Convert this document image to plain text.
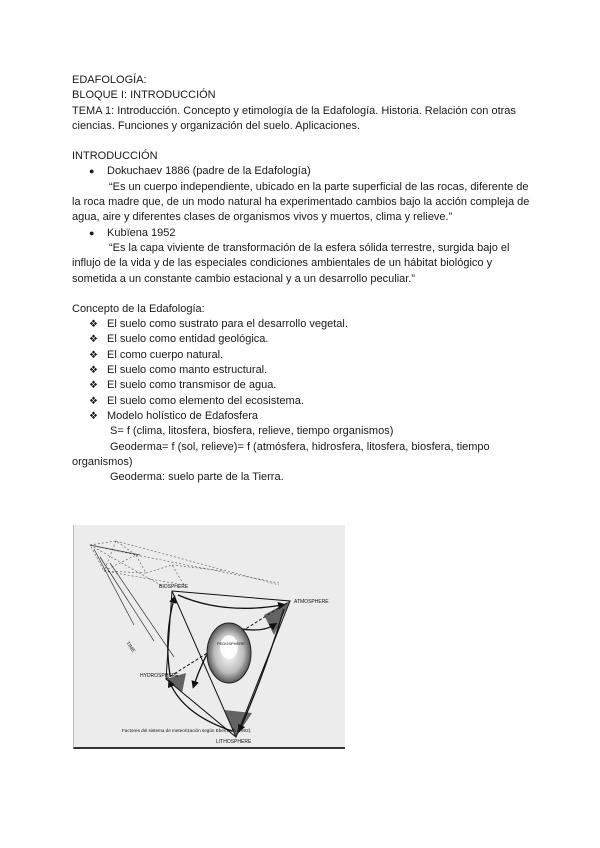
EDAFOLOGÍA:
BLOQUE I: INTRODUCCIÓN
TEMA 1: Introducción. Concepto y etimología de la Edafología. Historia. Relación con otras ciencias. Funciones y organización del suelo. Aplicaciones.
INTRODUCCIÓN
● Dokuchaev 1886 (padre de la Edafología)
“Es un cuerpo independiente, ubicado en la parte superficial de las rocas, diferente de la roca madre que, de un modo natural ha experimentado cambios bajo la acción compleja de agua, aire y diferentes clases de organismos vivos y muertos, clima y relieve.”
● Kubïena 1952
“Es la capa viviente de transformación de la esfera sólida terrestre, surgida bajo el influjo de la vida y de las especiales condiciones ambientales de un hábitat biológico y sometida a un constante cambio estacional y a un desarrollo peculiar.”
Concepto de la Edafología:
❖ El suelo como sustrato para el desarrollo vegetal.
❖ El suelo como entidad geológica.
❖ El como cuerpo natural.
❖ El suelo como manto estructural.
❖ El suelo como transmisor de agua.
❖ El suelo como elemento del ecosistema.
❖ Modelo holístico de Edafosfera
S= f (clima, litosfera, biosfera, relieve, tiempo organismos)
Geoderma= f (sol, relieve)= f (atmósfera, hidrosfera, litosfera, biosfera, tiempo organismos)
Geoderma: suelo parte de la Tierra.
BIOSPHERE
ATMOSPHERE
HYDROSPHERE
LITHOSPHERE
PEDOSPHERE
TIME
Factores del sistema de meteorización según Ebermeth (1992).
